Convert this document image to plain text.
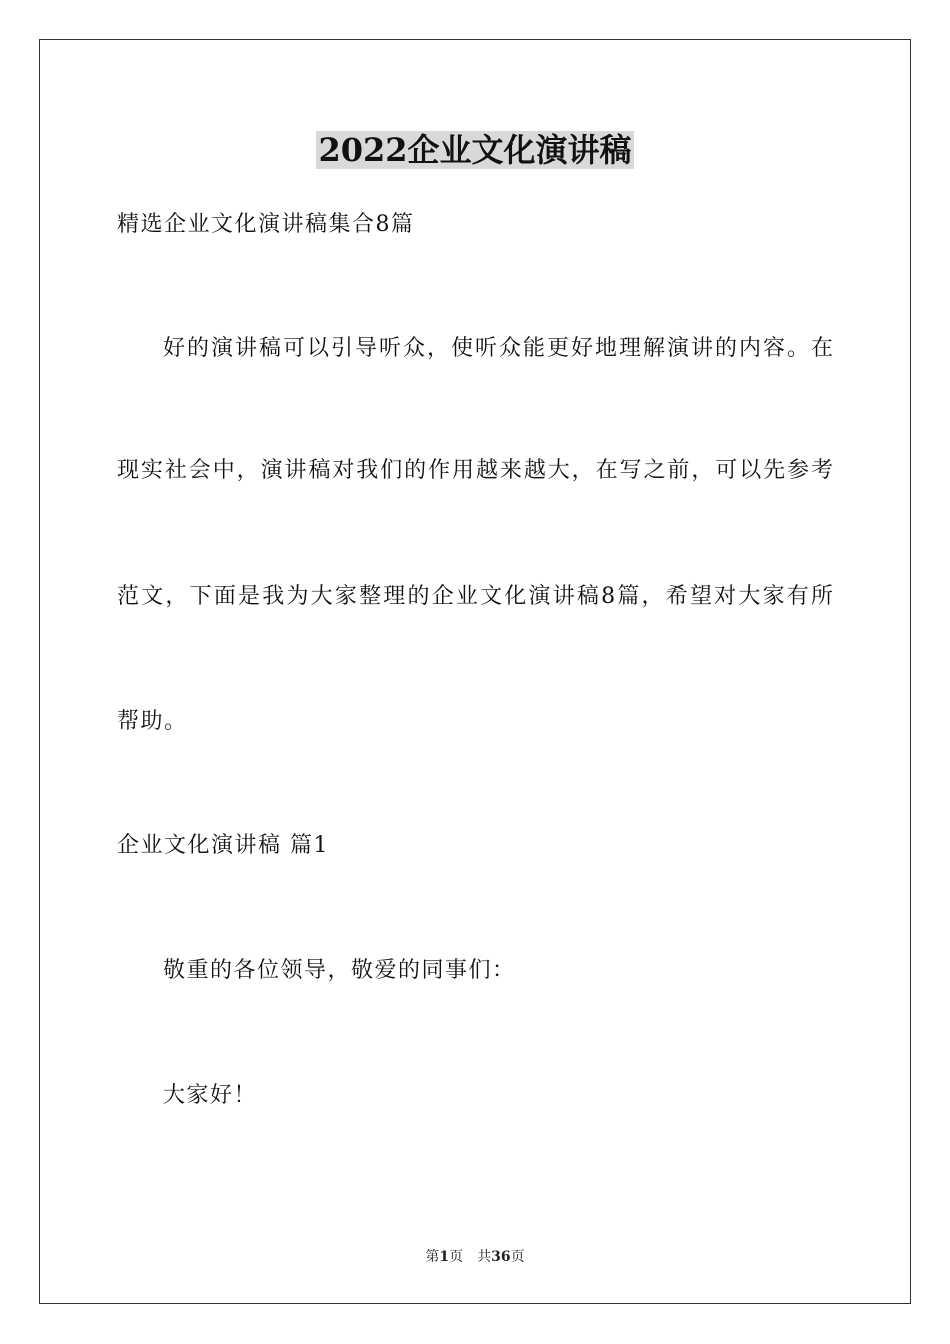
2022企业文化演讲稿
精选企业文化演讲稿集合8篇
好的演讲稿可以引导听众，使听众能更好地理解演讲的内容。在
现实社会中，演讲稿对我们的作用越来越大，在写之前，可以先参考
范文，下面是我为大家整理的企业文化演讲稿8篇，希望对大家有所
帮助。
企业文化演讲稿 篇1
敬重的各位领导，敬爱的同事们：
大家好！
第1页 共36页
